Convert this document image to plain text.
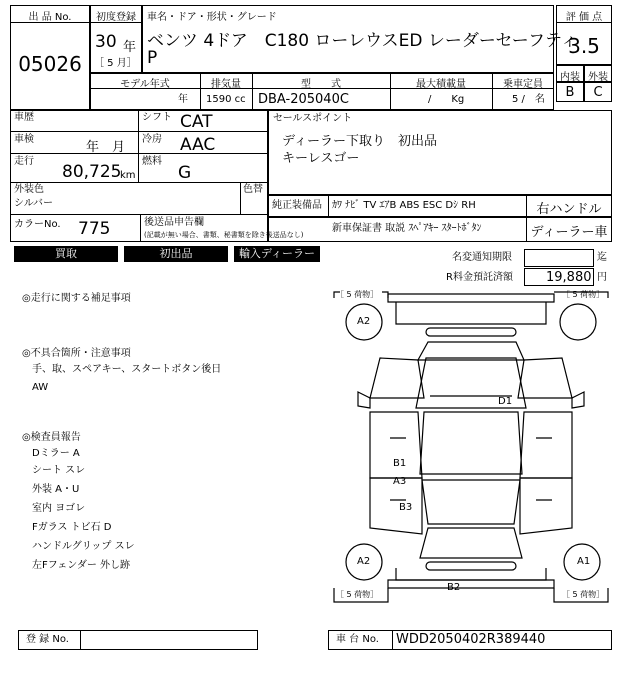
出 品 No.
05026
初度登録
30 年
［ 5 月］
車名・ドア・形状・グレード
ベンツ 4ドア　C180 ローレウスED レーダーセーフティ
P
評 価 点
3.5
内装 外装
B	C
モデル年式	排気量	型　　式	最大積載量	乗車定員
年 1590 cc DBA-205040C	/　　Kg	5 /　名
車歴
車検
年　月
走行
80,725
km
シフト CAT
冷房 AAC
燃料
G
外装色
シルバー
色替
カラーNo. 775	後送品申告欄
(記載が無い場合、書類、秘書類を除き後送品なし)
セールスポイント
ディーラー下取り　初出品
キーレスゴー
純正装備品 ｶﾜ ﾅﾋﾞ TV ｴｱB ABS ESC Dｼ RH	右ハンドル
新車保証書 取説 ｽﾍﾟｱｷｰ ｽﾀｰﾄﾎﾞﾀﾝ	ディーラー車
買取	初出品	輸入ディーラー	名変通知期限	迄
R料金預託済額	19,880 円
◎走行に関する補足事項
◎不具合箇所・注意事項
手、取、スペアキー、スタートボタン後日
AW
◎検査員報告
Dミラー A
シート スレ
外装 A・U
室内 ヨゴレ
Fガラス トビ石 D
ハンドルグリップ スレ
左Fフェンダー 外し跡
［ 5 荷物］	［ 5 荷物］
［ 5 荷物］	［ 5 荷物］
A2
A2	A1
D1
B1
A3
B3
B2
登 録 No.	車 台 No. WDD2050402R389440
